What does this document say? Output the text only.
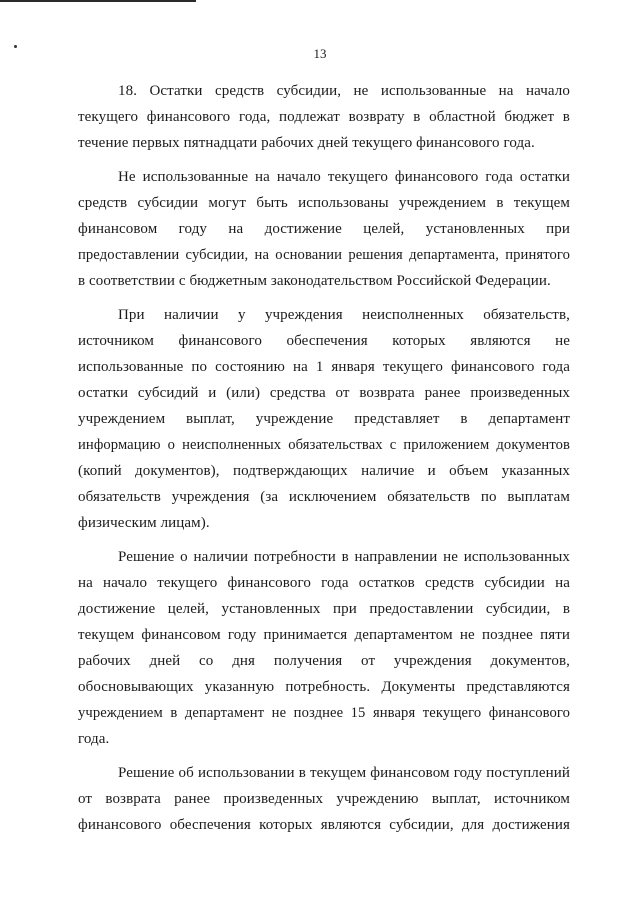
13
18. Остатки средств субсидии, не использованные на начало
текущего финансового года, подлежат возврату в областной бюджет в
течение первых пятнадцати рабочих дней текущего финансового года.
Не использованные на начало текущего финансового года остатки
средств субсидии могут быть использованы учреждением в текущем
финансовом году на достижение целей, установленных при
предоставлении субсидии, на основании решения департамента, принятого
в соответствии с бюджетным законодательством Российской Федерации.
При наличии у учреждения неисполненных обязательств,
источником финансового обеспечения которых являются не
использованные по состоянию на 1 января текущего финансового года
остатки субсидий и (или) средства от возврата ранее произведенных
учреждением выплат, учреждение представляет в департамент
информацию о неисполненных обязательствах с приложением документов
(копий документов), подтверждающих наличие и объем указанных
обязательств учреждения (за исключением обязательств по выплатам
физическим лицам).
Решение о наличии потребности в направлении не использованных
на начало текущего финансового года остатков средств субсидии на
достижение целей, установленных при предоставлении субсидии, в
текущем финансовом году принимается департаментом не позднее пяти
рабочих дней со дня получения от учреждения документов,
обосновывающих указанную потребность. Документы представляются
учреждением в департамент не позднее 15 января текущего финансового
года.
Решение об использовании в текущем финансовом году поступлений
от возврата ранее произведенных учреждению выплат, источником
финансового обеспечения которых являются субсидии, для достижения
